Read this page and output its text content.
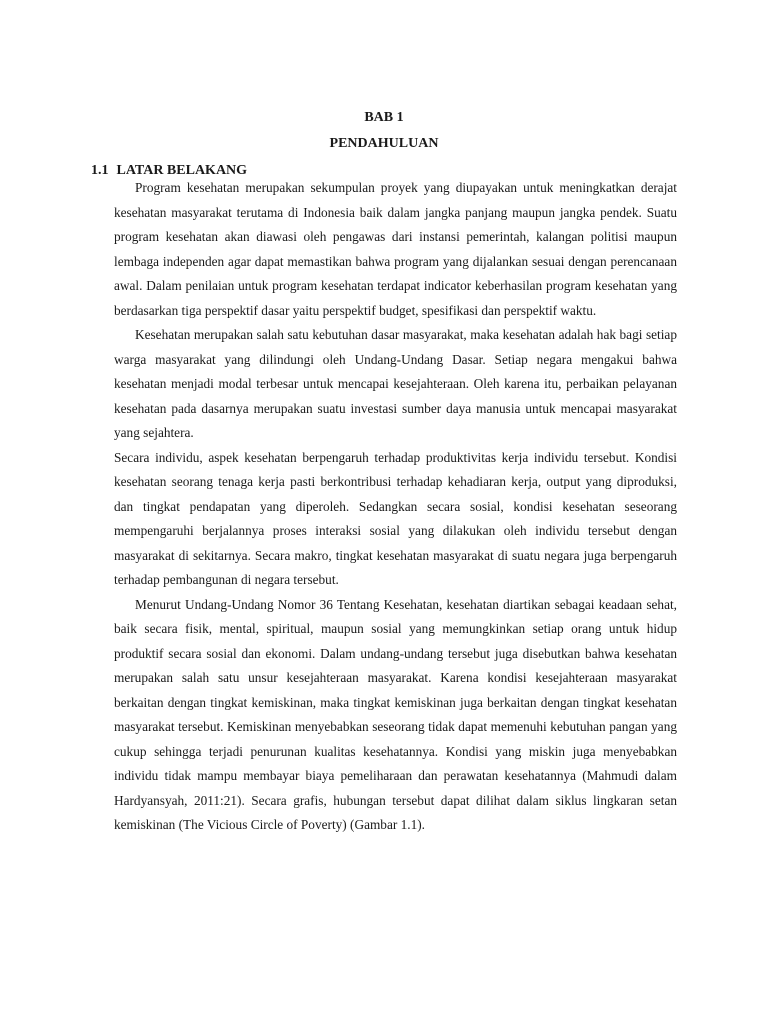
BAB 1
PENDAHULUAN
1.1 LATAR BELAKANG

Program kesehatan merupakan sekumpulan proyek yang diupayakan untuk meningkatkan derajat kesehatan masyarakat terutama di Indonesia baik dalam jangka panjang maupun jangka pendek. Suatu program kesehatan akan diawasi oleh pengawas dari instansi pemerintah, kalangan politisi maupun lembaga independen agar dapat memastikan bahwa program yang dijalankan sesuai dengan perencanaan awal. Dalam penilaian untuk program kesehatan terdapat indicator keberhasilan program kesehatan yang berdasarkan tiga perspektif dasar yaitu perspektif budget, spesifikasi dan perspektif waktu.

Kesehatan merupakan salah satu kebutuhan dasar masyarakat, maka kesehatan adalah hak bagi setiap warga masyarakat yang dilindungi oleh Undang-Undang Dasar. Setiap negara mengakui bahwa kesehatan menjadi modal terbesar untuk mencapai kesejahteraan. Oleh karena itu, perbaikan pelayanan kesehatan pada dasarnya merupakan suatu investasi sumber daya manusia untuk mencapai masyarakat yang sejahtera.

Secara individu, aspek kesehatan berpengaruh terhadap produktivitas kerja individu tersebut. Kondisi kesehatan seorang tenaga kerja pasti berkontribusi terhadap kehadiaran kerja, output yang diproduksi, dan tingkat pendapatan yang diperoleh. Sedangkan secara sosial, kondisi kesehatan seseorang mempengaruhi berjalannya proses interaksi sosial yang dilakukan oleh individu tersebut dengan masyarakat di sekitarnya. Secara makro, tingkat kesehatan masyarakat di suatu negara juga berpengaruh terhadap pembangunan di negara tersebut.

Menurut Undang-Undang Nomor 36 Tentang Kesehatan, kesehatan diartikan sebagai keadaan sehat, baik secara fisik, mental, spiritual, maupun sosial yang memungkinkan setiap orang untuk hidup produktif secara sosial dan ekonomi. Dalam undang-undang tersebut juga disebutkan bahwa kesehatan merupakan salah satu unsur kesejahteraan masyarakat. Karena kondisi kesejahteraan masyarakat berkaitan dengan tingkat kemiskinan, maka tingkat kemiskinan juga berkaitan dengan tingkat kesehatan masyarakat tersebut. Kemiskinan menyebabkan seseorang tidak dapat memenuhi kebutuhan pangan yang cukup sehingga terjadi penurunan kualitas kesehatannya. Kondisi yang miskin juga menyebabkan individu tidak mampu membayar biaya pemeliharaan dan perawatan kesehatannya (Mahmudi dalam Hardyansyah, 2011:21). Secara grafis, hubungan tersebut dapat dilihat dalam siklus lingkaran setan kemiskinan (The Vicious Circle of Poverty) (Gambar 1.1).
